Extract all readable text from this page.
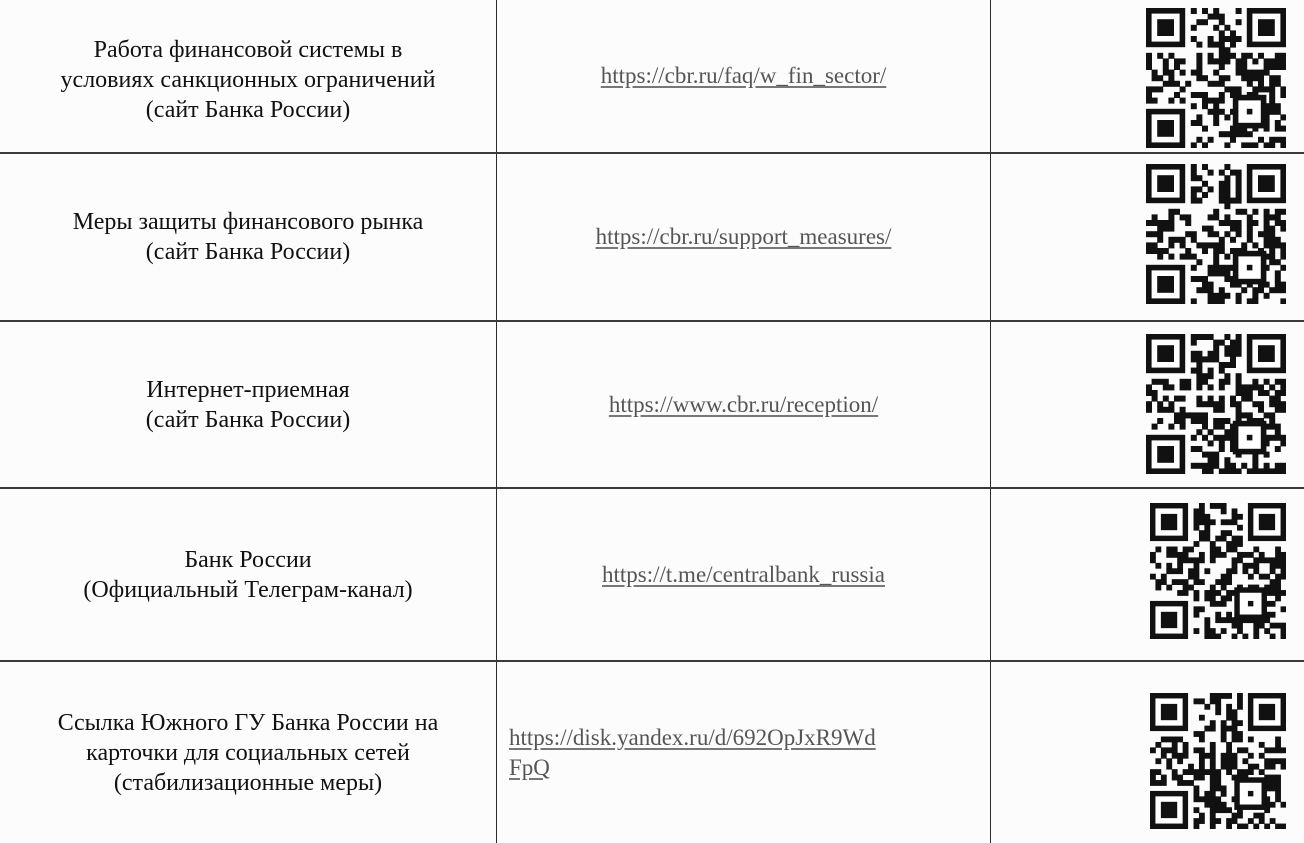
Работа финансовой системы в
условиях санкционных ограничений
(сайт Банка России)
https://cbr.ru/faq/w_fin_sector/
Меры защиты финансового рынка
(сайт Банка России)
https://cbr.ru/support_measures/
Интернет-приемная
(сайт Банка России)
https://www.cbr.ru/reception/
Банк России
(Официальный Телеграм-канал)
https://t.me/centralbank_russia
Ссылка Южного ГУ Банка России на
карточки для социальных сетей
(стабилизационные меры)
https://disk.yandex.ru/d/692OpJxR9Wd
FpQ
